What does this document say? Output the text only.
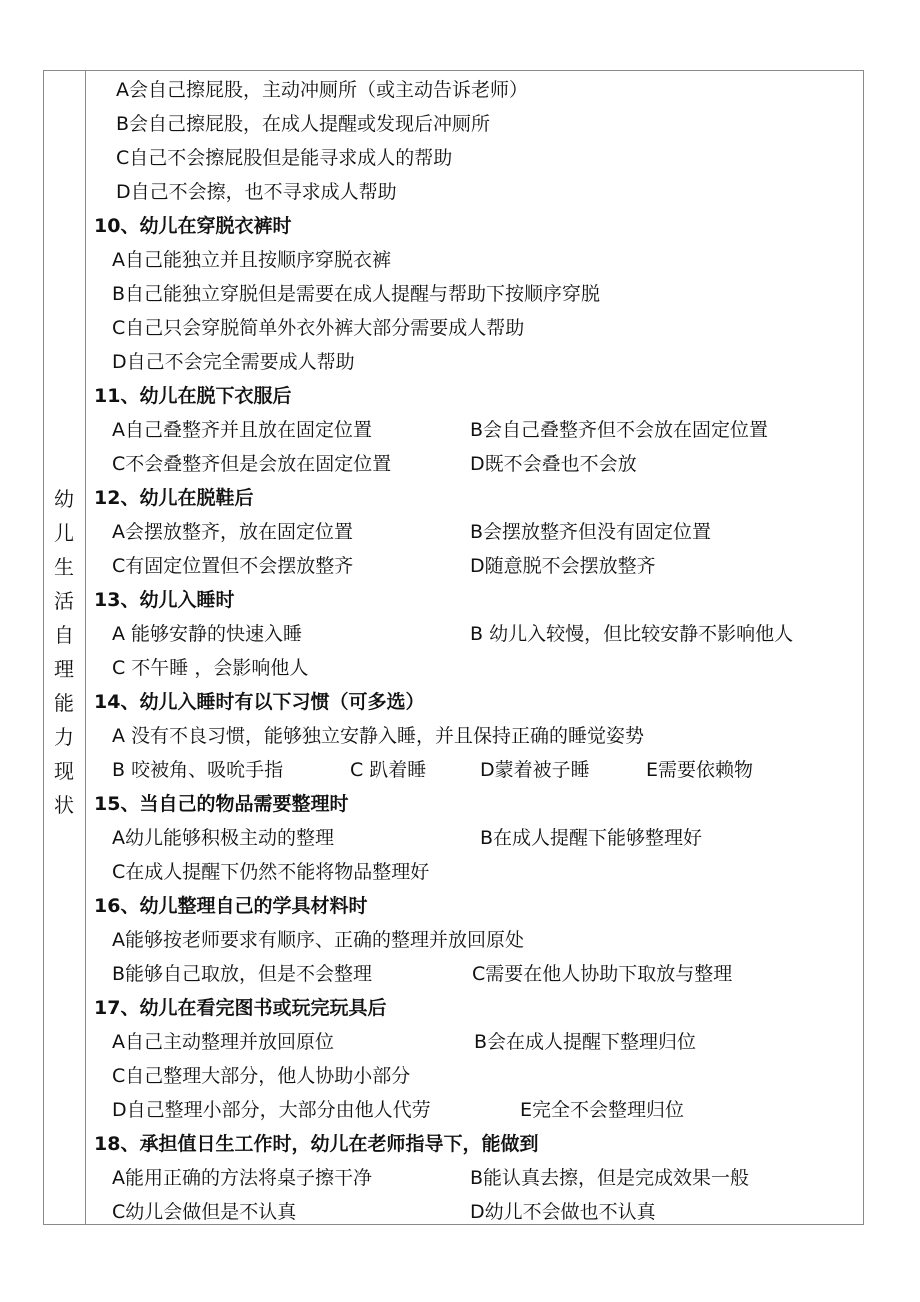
幼
儿
生
活
自
理
能
力
现
状
A会自己擦屁股，主动冲厕所（或主动告诉老师）
B会自己擦屁股，在成人提醒或发现后冲厕所
C自己不会擦屁股但是能寻求成人的帮助
D自己不会擦，也不寻求成人帮助
10、幼儿在穿脱衣裤时
A自己能独立并且按顺序穿脱衣裤
B自己能独立穿脱但是需要在成人提醒与帮助下按顺序穿脱
C自己只会穿脱简单外衣外裤大部分需要成人帮助
D自己不会完全需要成人帮助
11、幼儿在脱下衣服后
A自己叠整齐并且放在固定位置	B会自己叠整齐但不会放在固定位置
C不会叠整齐但是会放在固定位置	D既不会叠也不会放
12、幼儿在脱鞋后
A会摆放整齐，放在固定位置	B会摆放整齐但没有固定位置
C有固定位置但不会摆放整齐	D随意脱不会摆放整齐
13、幼儿入睡时
A 能够安静的快速入睡	B 幼儿入较慢，但比较安静不影响他人
C 不午睡 ，会影响他人
14、幼儿入睡时有以下习惯（可多选）
A 没有不良习惯，能够独立安静入睡，并且保持正确的睡觉姿势
B 咬被角、吸吮手指	C 趴着睡	D蒙着被子睡	E需要依赖物
15、当自己的物品需要整理时
A幼儿能够积极主动的整理	B在成人提醒下能够整理好
C在成人提醒下仍然不能将物品整理好
16、幼儿整理自己的学具材料时
A能够按老师要求有顺序、正确的整理并放回原处
B能够自己取放，但是不会整理	C需要在他人协助下取放与整理
17、幼儿在看完图书或玩完玩具后
A自己主动整理并放回原位	B会在成人提醒下整理归位
C自己整理大部分，他人协助小部分
D自己整理小部分，大部分由他人代劳	E完全不会整理归位
18、承担值日生工作时，幼儿在老师指导下，能做到
A能用正确的方法将桌子擦干净	B能认真去擦，但是完成效果一般
C幼儿会做但是不认真	D幼儿不会做也不认真
